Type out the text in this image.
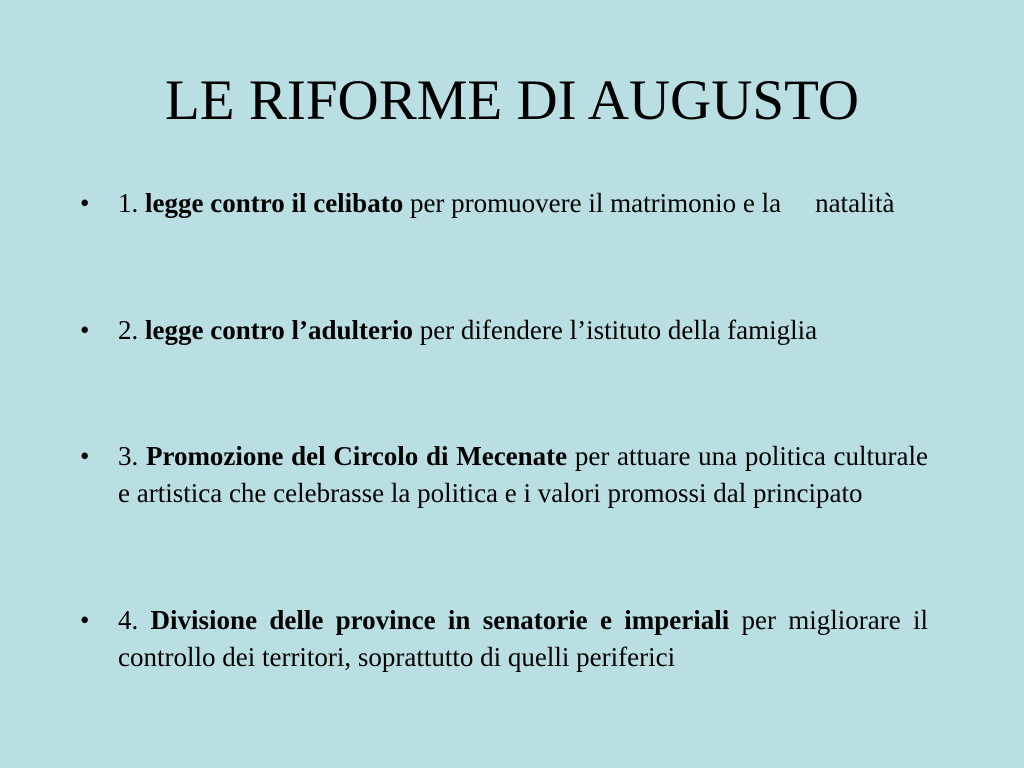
LE RIFORME DI AUGUSTO
•	1. legge contro il celibato per promuovere il matrimonio e la natalità
•	2. legge contro l’adulterio per difendere l’istituto della famiglia
•	3. Promozione del Circolo di Mecenate per attuare una politica culturale e artistica che celebrasse la politica e i valori promossi dal principato
•	4. Divisione delle province in senatorie e imperiali per migliorare il controllo dei territori, soprattutto di quelli periferici
